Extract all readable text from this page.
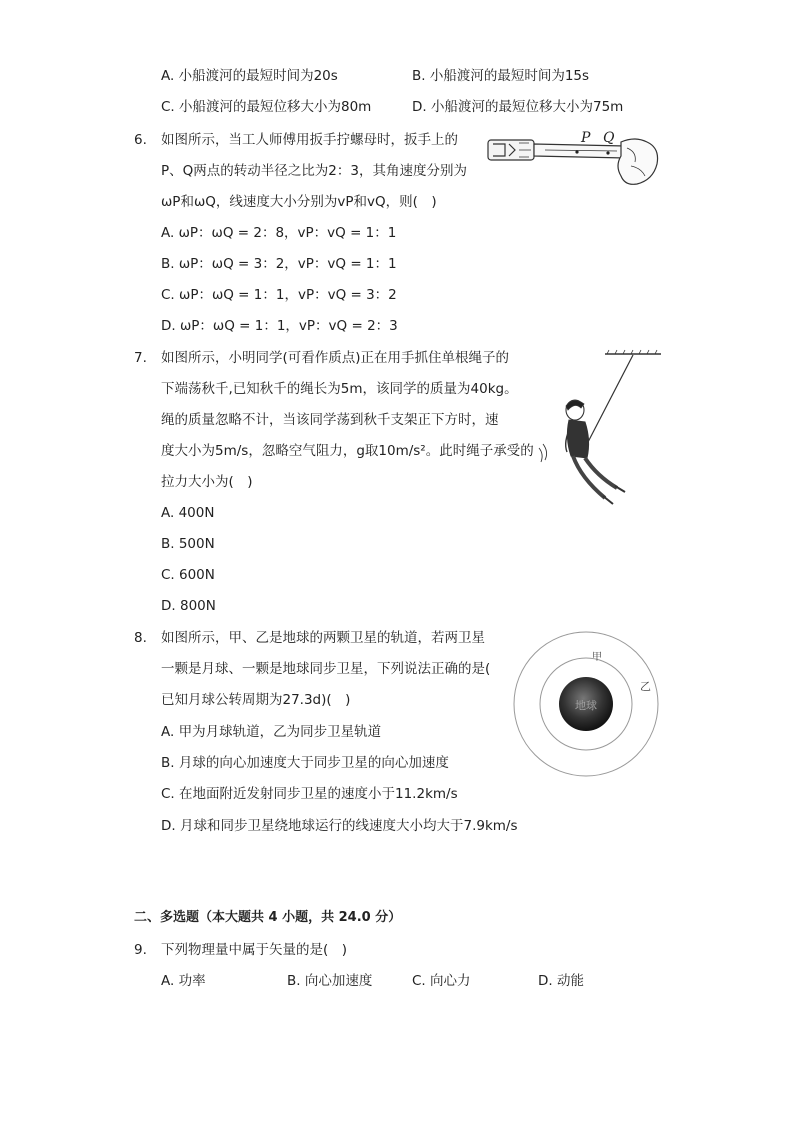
A. 小船渡河的最短时间为20s	B. 小船渡河的最短时间为15s
C. 小船渡河的最短位移大小为80m	D. 小船渡河的最短位移大小为75m
6. 如图所示，当工人师傅用扳手拧螺母时，扳手上的
P、Q两点的转动半径之比为2：3，其角速度分别为
ωP和ωQ，线速度大小分别为vP和vQ，则(　)
A. ωP：ωQ = 2：8，vP：vQ = 1：1
B. ωP：ωQ = 3：2，vP：vQ = 1：1
C. ωP：ωQ = 1：1，vP：vQ = 3：2
D. ωP：ωQ = 1：1，vP：vQ = 2：3
P Q
7. 如图所示，小明同学(可看作质点)正在用手抓住单根绳子的
下端荡秋千,已知秋千的绳长为5m，该同学的质量为40kg。
绳的质量忽略不计，当该同学荡到秋千支架正下方时，速
度大小为5m/s，忽略空气阻力，g取10m/s²。此时绳子承受的
拉力大小为(　)
A. 400N
B. 500N
C. 600N
D. 800N
8. 如图所示，甲、乙是地球的两颗卫星的轨道，若两卫星
一颗是月球、一颗是地球同步卫星，下列说法正确的是(
已知月球公转周期为27.3d)(　)
A. 甲为月球轨道，乙为同步卫星轨道
B. 月球的向心加速度大于同步卫星的向心加速度
C. 在地面附近发射同步卫星的速度小于11.2km/s
D. 月球和同步卫星绕地球运行的线速度大小均大于7.9km/s
地球
甲
乙
二、多选题（本大题共 4 小题，共 24.0 分）
9. 下列物理量中属于矢量的是(　)
A. 功率	B. 向心加速度	C. 向心力	D. 动能
